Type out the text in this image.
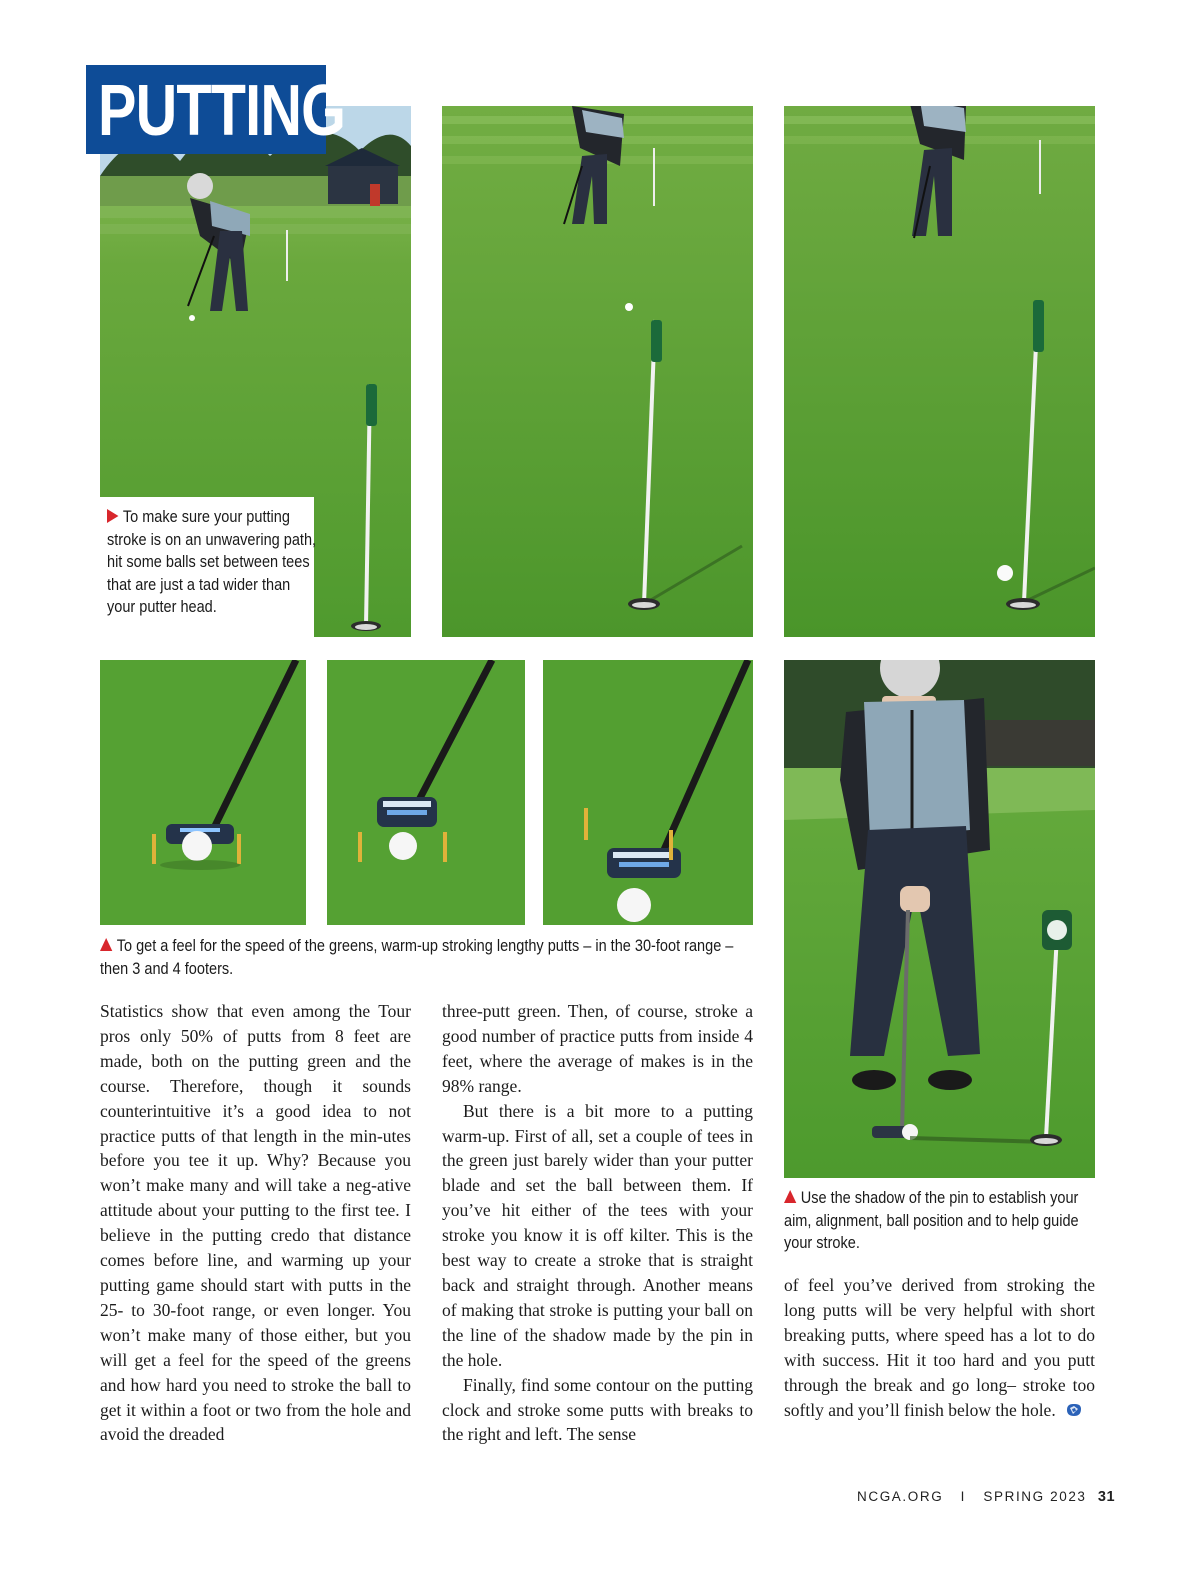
To make sure your putting stroke is on an unwavering path, hit some balls set between tees that are just a tad wider than your putter head.
PUTTING
To get a feel for the speed of the greens, warm-up stroking lengthy putts – in the 30-foot range – then 3 and 4 footers.
Use the shadow of the pin to establish your aim, alignment, ball position and to help guide your stroke.

Statistics show that even among the Tour pros only 50% of putts from 8 feet are made, both on the putting green and the course. Therefore, though it sounds counterintuitive it’s a good idea to not practice putts of that length in the min-utes before you tee it up. Why? Because you won’t make many and will take a neg-ative attitude about your putting to the first tee. I believe in the putting credo that distance comes before line, and warming up your putting game should start with putts in the 25- to 30-foot range, or even longer. You won’t make many of those either, but you will get a feel for the speed of the greens and how hard you need to stroke the ball to get it within a foot or two from the hole and avoid the dreaded

three-putt green. Then, of course, stroke a good number of practice putts from inside 4 feet, where the average of makes is in the 98% range.

But there is a bit more to a putting warm-up. First of all, set a couple of tees in the green just barely wider than your putter blade and set the ball between them. If you’ve hit either of the tees with your stroke you know it is off kilter. This is the best way to create a stroke that is straight back and straight through. Another means of making that stroke is putting your ball on the line of the shadow made by the pin in the hole.

Finally, find some contour on the putting clock and stroke some putts with breaks to the right and left. The sense

of feel you’ve derived from stroking the long putts will be very helpful with short breaking putts, where speed has a lot to do with success. Hit it too hard and you putt through the break and go long– stroke too softly and you’ll finish below the hole.

NCGA.ORG I SPRING 2023 31
